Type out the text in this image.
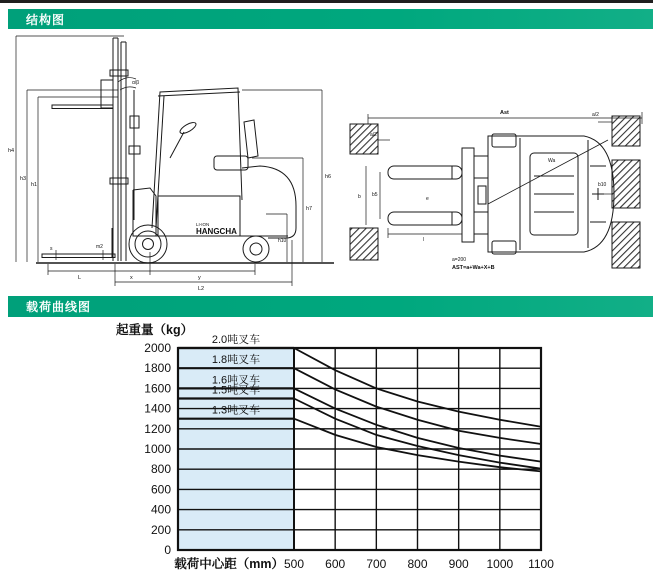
结构图
LI-ION
HANGCHA
h4
h3
h1
α/β
s	m2
L	x	y
L2
h6
h7
h10
Ast
a/2
a/2
b b5
e
l
Wa
b10
a=200
AST=a+Wa+X+B
载荷曲线图
2.0吨叉车
1.8吨叉车
1.6吨叉车
1.5吨叉车
1.3吨叉车
0
200
400
600
800
1000
1200
1400
1600
1800
2000
500 600 700 800 900 1000 1100
起重量（kg）
载荷中心距（mm）
